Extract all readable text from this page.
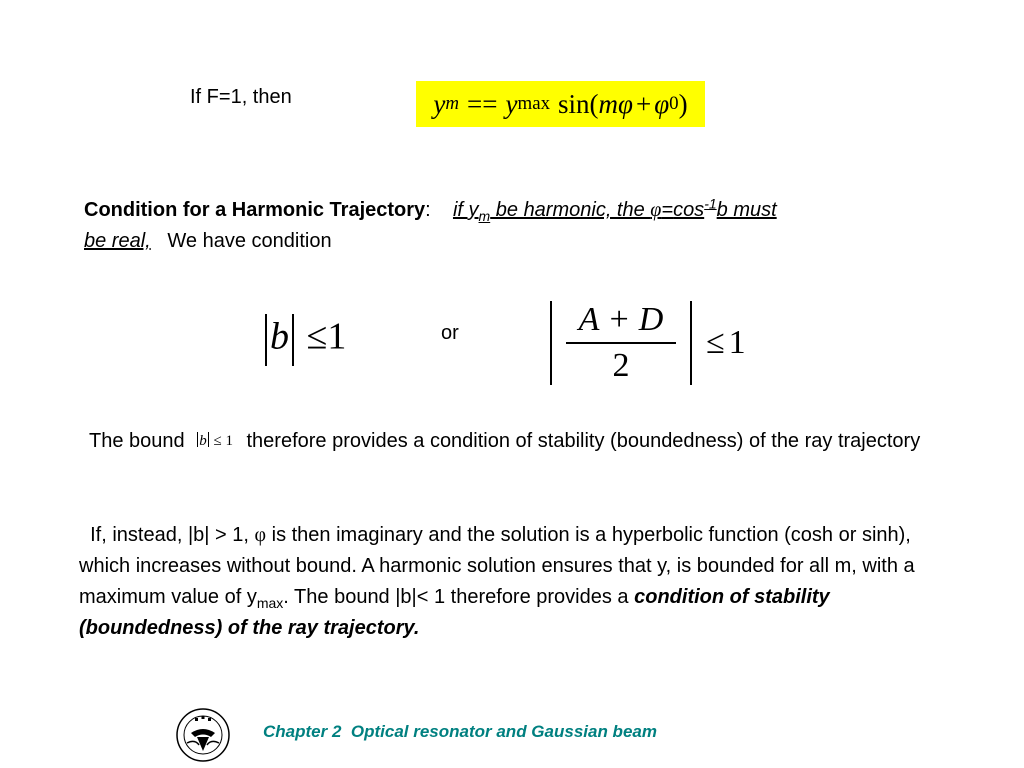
If F=1, then	y m == y max sin( m φ + φ 0 )
Condition for a Harmonic Trajectory: if $y_m$ be harmonic, the $\varphi=\cos^{-1}b$ must
be real, We have condition
b ≤1	or	$\frac{A + D}{2} \le 1$
The bound b ≤ 1 therefore provides a condition of stability (boundedness) of the ray trajectory
If, instead, |b| > 1, φ is then imaginary and the solution is a hyperbolic function (cosh or sinh), which increases without bound. A harmonic solution ensures that y, is bounded for all m, with a maximum value of $y_{max}$. The bound |b|< 1 therefore provides a condition of stability (boundedness) of the ray trajectory.
Chapter 2 Optical resonator and Gaussian beam
